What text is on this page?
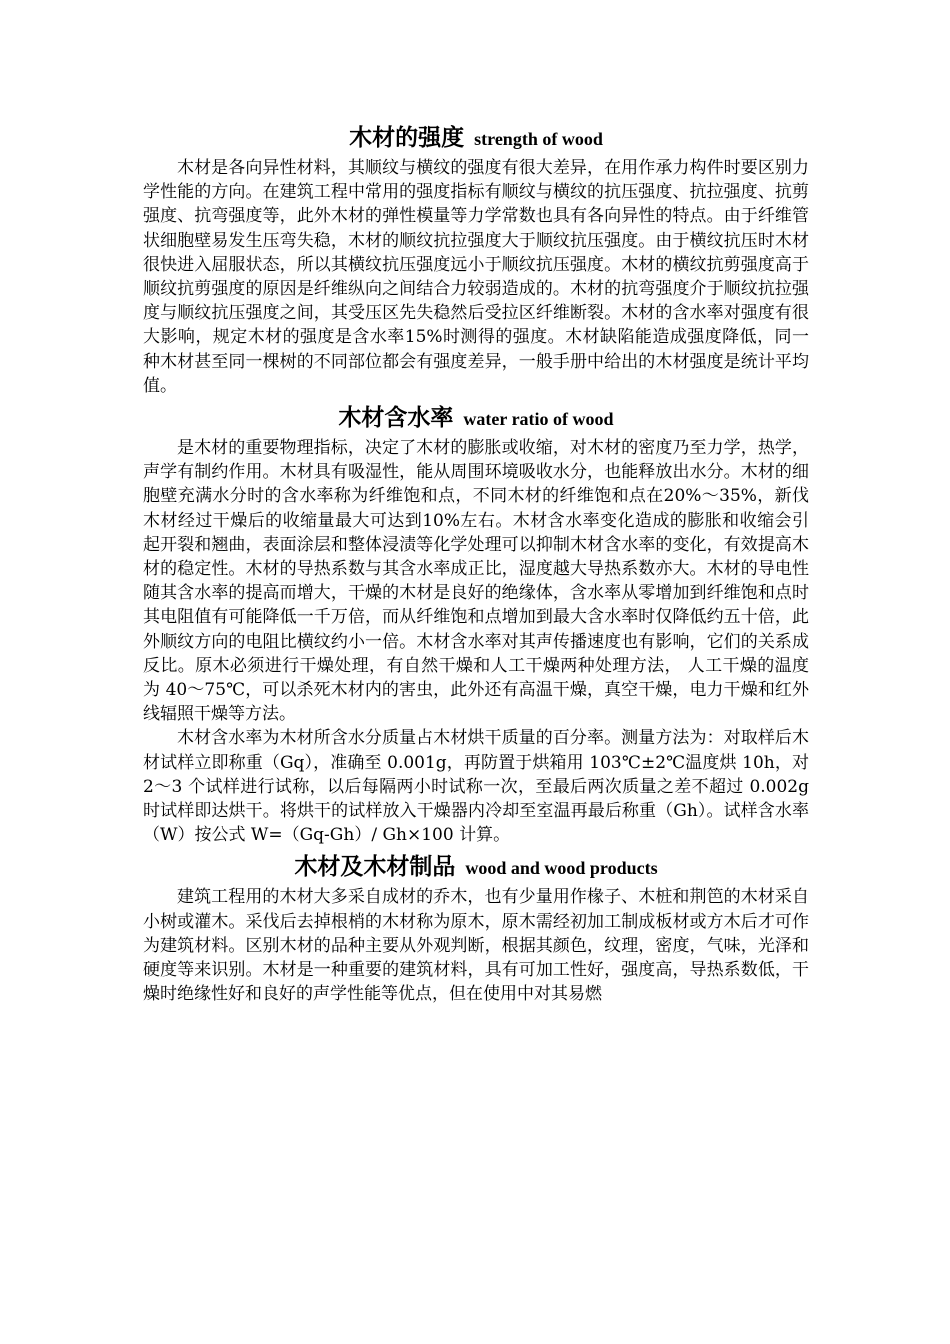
木材的强度 strength of wood

木材是各向异性材料，其顺纹与横纹的强度有很大差异，在用作承力构件时要区别力学性能的方向。在建筑工程中常用的强度指标有顺纹与横纹的抗压强度、抗拉强度、抗剪强度、抗弯强度等，此外木材的弹性模量等力学常数也具有各向异性的特点。由于纤维管状细胞壁易发生压弯失稳，木材的顺纹抗拉强度大于顺纹抗压强度。由于横纹抗压时木材很快进入屈服状态，所以其横纹抗压强度远小于顺纹抗压强度。木材的横纹抗剪强度高于顺纹抗剪强度的原因是纤维纵向之间结合力较弱造成的。木材的抗弯强度介于顺纹抗拉强度与顺纹抗压强度之间，其受压区先失稳然后受拉区纤维断裂。木材的含水率对强度有很大影响，规定木材的强度是含水率15%时测得的强度。木材缺陷能造成强度降低，同一种木材甚至同一棵树的不同部位都会有强度差异，一般手册中给出的木材强度是统计平均值。

木材含水率 water ratio of wood

是木材的重要物理指标，决定了木材的膨胀或收缩，对木材的密度乃至力学，热学，声学有制约作用。木材具有吸湿性，能从周围环境吸收水分，也能释放出水分。木材的细胞壁充满水分时的含水率称为纤维饱和点，不同木材的纤维饱和点在20%～35%，新伐木材经过干燥后的收缩量最大可达到10%左右。木材含水率变化造成的膨胀和收缩会引起开裂和翘曲，表面涂层和整体浸渍等化学处理可以抑制木材含水率的变化，有效提高木材的稳定性。木材的导热系数与其含水率成正比，湿度越大导热系数亦大。木材的导电性随其含水率的提高而增大，干燥的木材是良好的绝缘体，含水率从零增加到纤维饱和点时其电阻值有可能降低一千万倍，而从纤维饱和点增加到最大含水率时仅降低约五十倍，此外顺纹方向的电阻比横纹约小一倍。木材含水率对其声传播速度也有影响，它们的关系成反比。原木必须进行干燥处理，有自然干燥和人工干燥两种处理方法， 人工干燥的温度为 40～75℃，可以杀死木材内的害虫，此外还有高温干燥，真空干燥，电力干燥和红外线辐照干燥等方法。

木材含水率为木材所含水分质量占木材烘干质量的百分率。测量方法为：对取样后木材试样立即称重（Gq），准确至 0.001g，再防置于烘箱用 103℃±2℃温度烘 10h，对 2～3 个试样进行试称，以后每隔两小时试称一次，至最后两次质量之差不超过 0.002g 时试样即达烘干。将烘干的试样放入干燥器内冷却至室温再最后称重（Gh）。试样含水率（W）按公式 W=（Gq-Gh）/ Gh×100 计算。

木材及木材制品 wood and wood products

建筑工程用的木材大多采自成材的乔木，也有少量用作椽子、木桩和荆笆的木材采自小树或灌木。采伐后去掉根梢的木材称为原木，原木需经初加工制成板材或方木后才可作为建筑材料。区别木材的品种主要从外观判断，根据其颜色，纹理，密度，气味，光泽和硬度等来识别。木材是一种重要的建筑材料，具有可加工性好，强度高，导热系数低，干燥时绝缘性好和良好的声学性能等优点，但在使用中对其易燃
